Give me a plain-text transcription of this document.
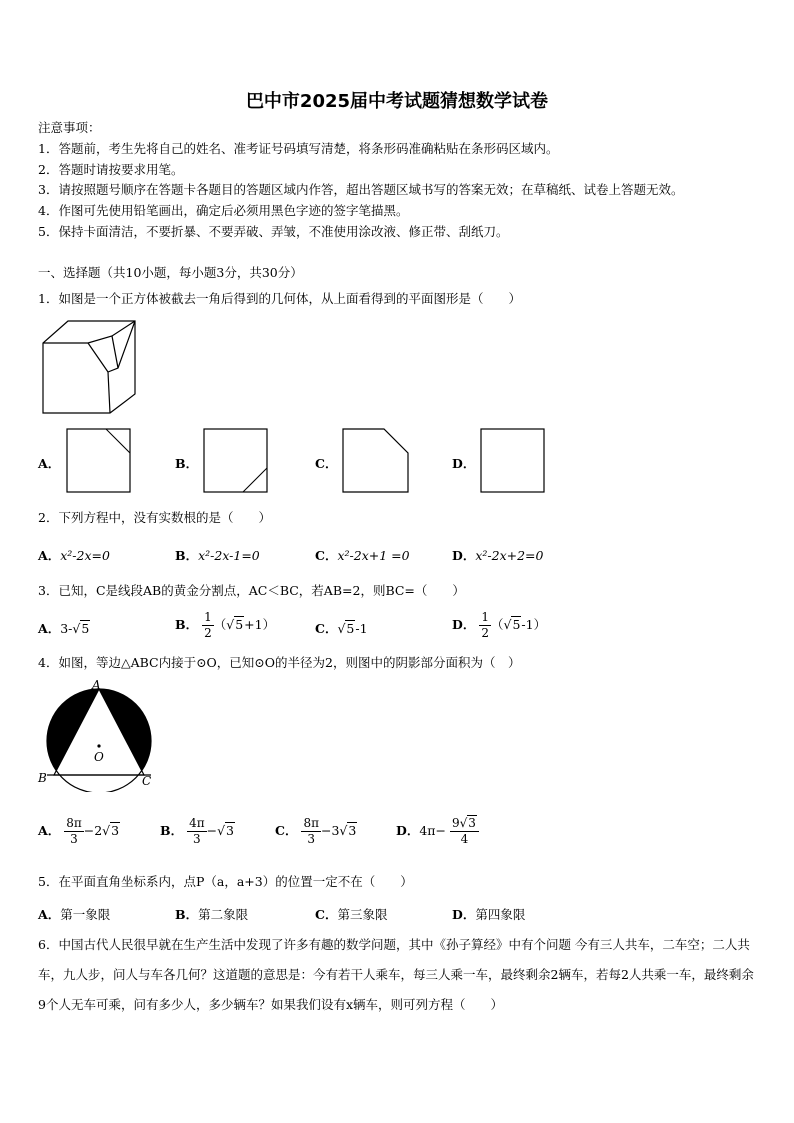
巴中市2025届中考试题猜想数学试卷
注意事项：
1．答题前，考生先将自己的姓名、准考证号码填写清楚，将条形码准确粘贴在条形码区域内。
2．答题时请按要求用笔。
3．请按照题号顺序在答题卡各题目的答题区域内作答，超出答题区域书写的答案无效；在草稿纸、试卷上答题无效。
4．作图可先使用铅笔画出，确定后必须用黑色字迹的签字笔描黑。
5．保持卡面清洁，不要折暴、不要弄破、弄皱，不准使用涂改液、修正带、刮纸刀。
一、选择题（共10小题，每小题3分，共30分）
1．如图是一个正方体被截去一角后得到的几何体，从上面看得到的平面图形是（　　）
A．	B．	C．	D．
2．下列方程中，没有实数根的是（　　）
A．x²-2x=0	B．x²-2x-1=0	C．x²-2x+1 =0	D．x²-2x+2=0
3．已知，C是线段AB的黄金分割点，AC＜BC，若AB=2，则BC=（　　）
A．3-√5	B． $\frac{1}{2} (√5+1)$	C．√5-1	D． $\frac{1}{2} (√5-1)$
4．如图，等边△ABC内接于⊙O，已知⊙O的半径为2，则图中的阴影部分面积为（　）
A
O
B	C
A． $\frac{8\pi}{3} -2√3$	B． $\frac{4\pi}{3} -√3$	C． $\frac{8\pi}{3} -3√3$	D．$4\pi- \frac{9√3}{4}$
5．在平面直角坐标系内，点P（a，a+3）的位置一定不在（　　）
A．第一象限	B．第二象限	C．第三象限	D．第四象限
6．中国古代人民很早就在生产生活中发现了许多有趣的数学问题，其中《孙子算经》中有个问题 今有三人共车，二车空；二人共车，九人步，问人与车各几何？这道题的意思是：今有若干人乘车，每三人乘一车，最终剩余2辆车，若每2人共乘一车，最终剩余9个人无车可乘，问有多少人，多少辆车？如果我们设有x辆车，则可列方程（　　）
